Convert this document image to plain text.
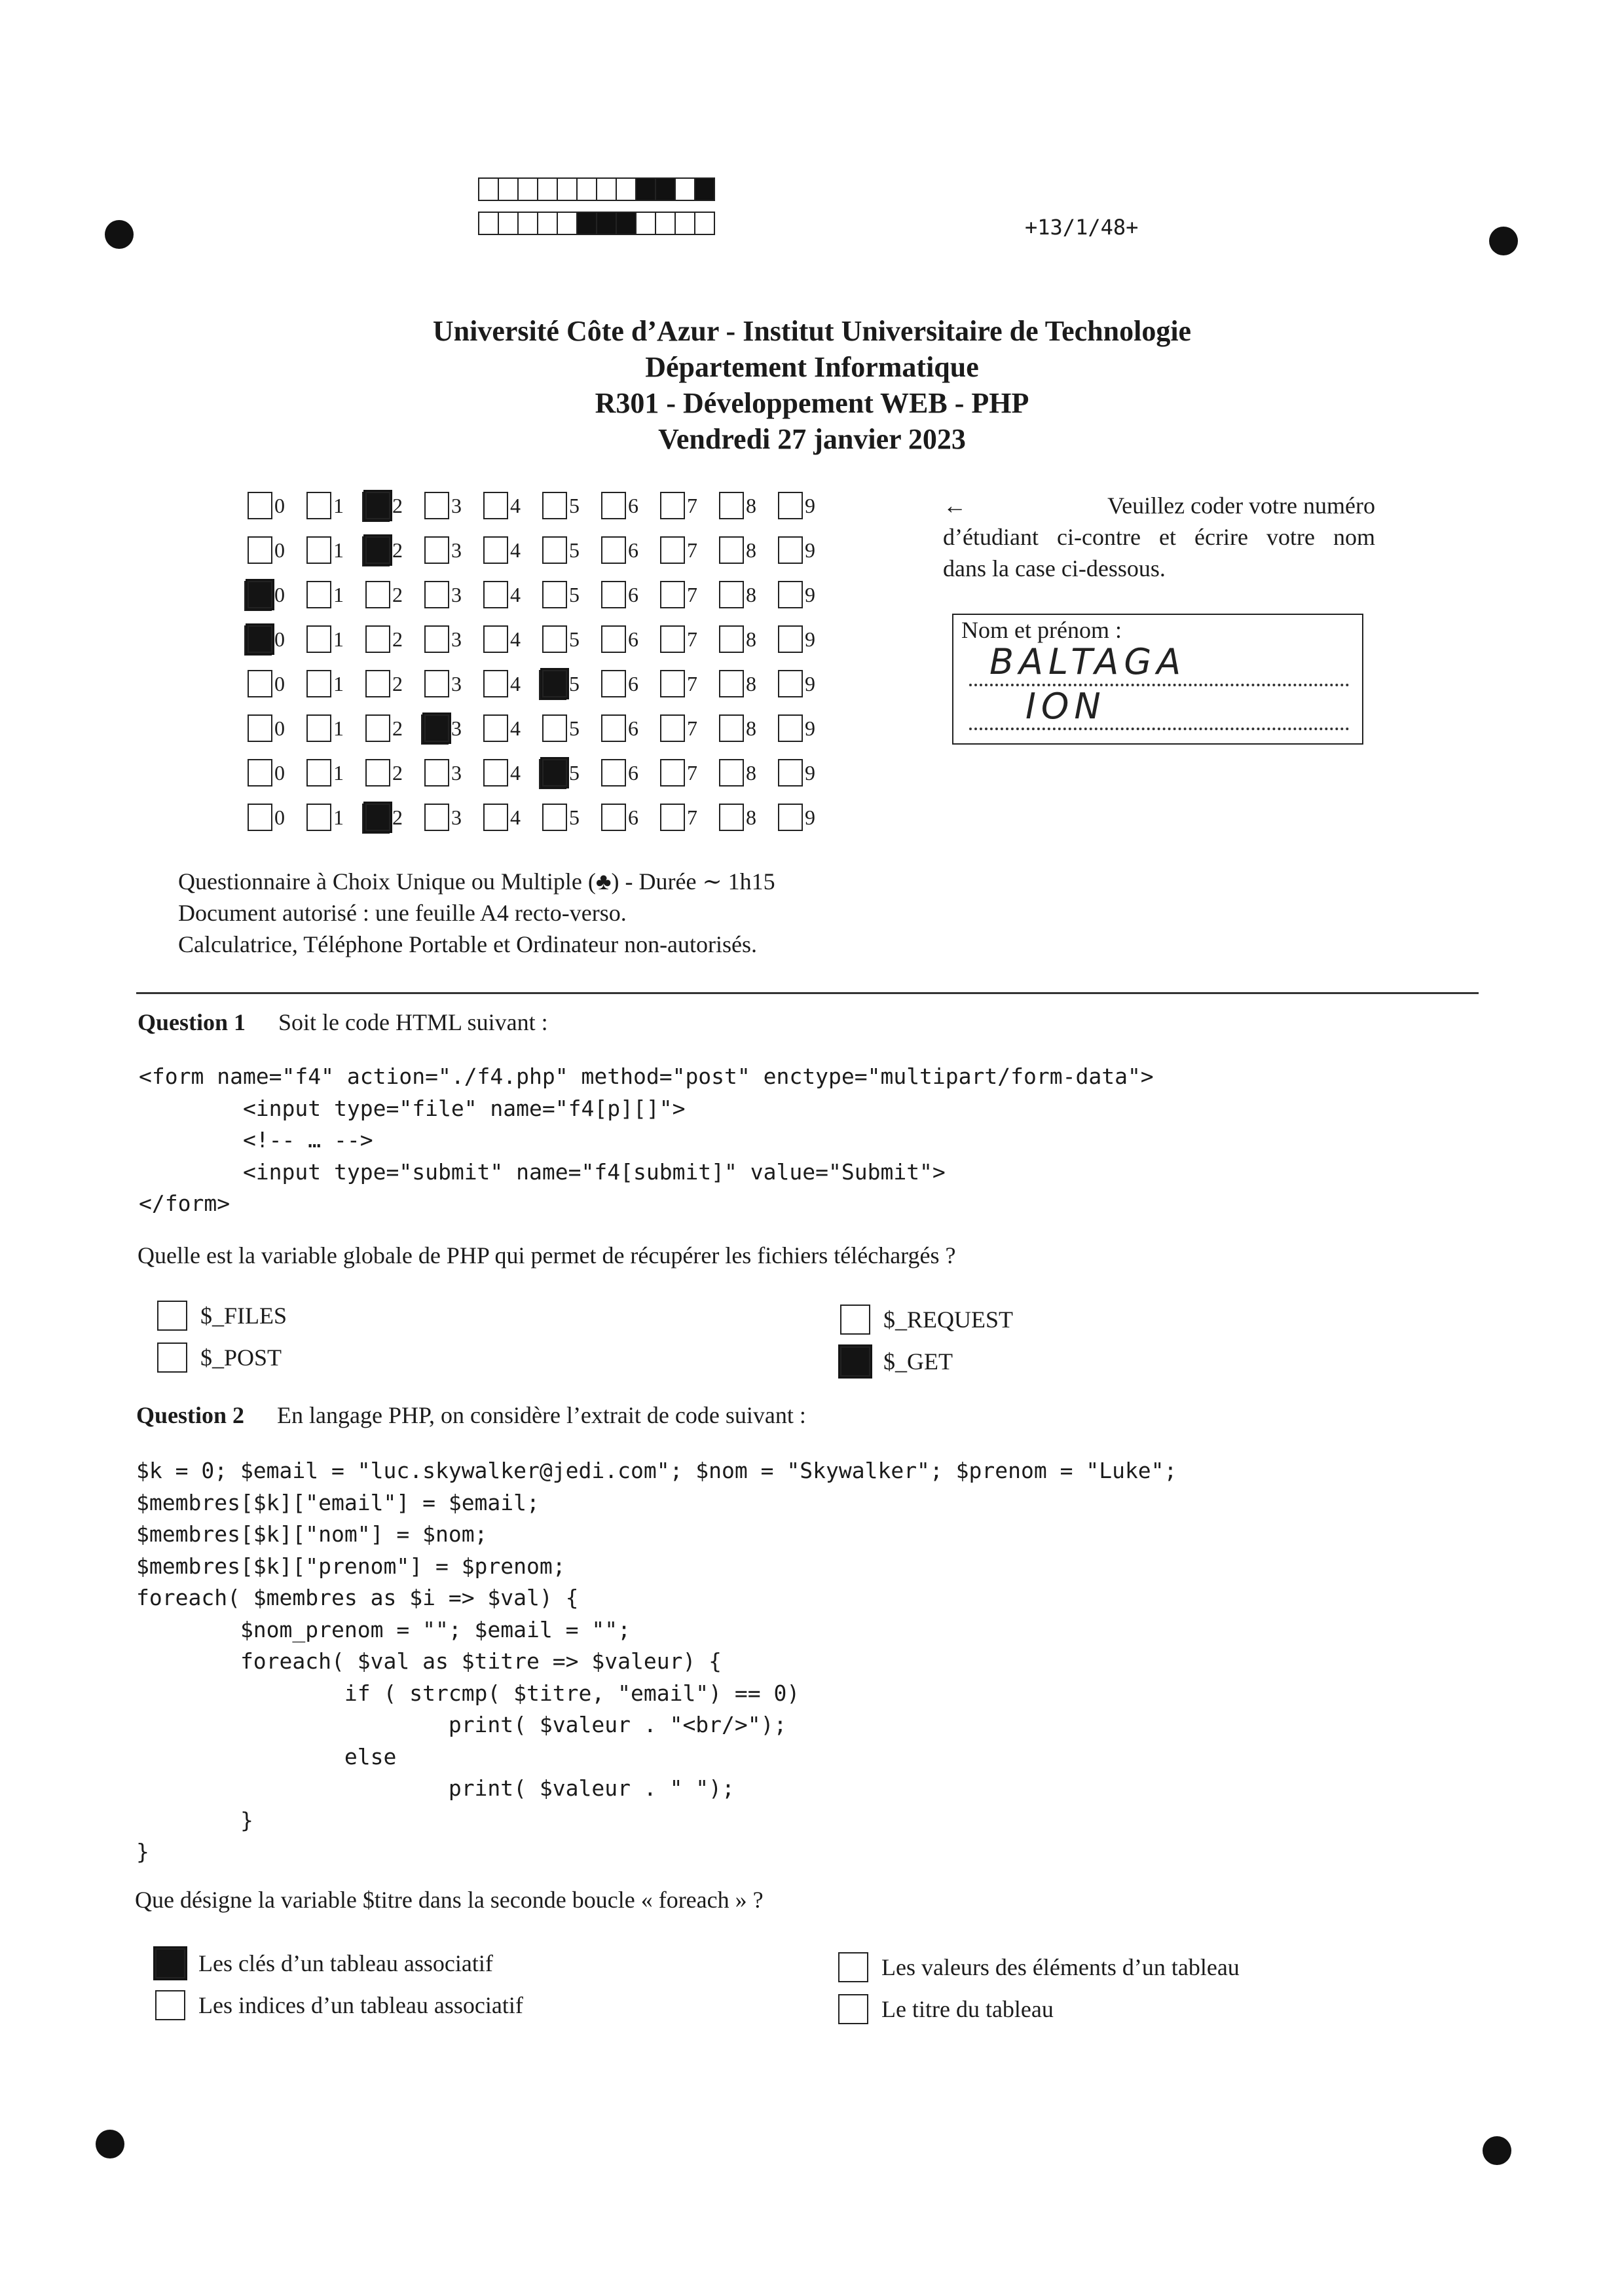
+13/1/48+
Université Côte d’Azur - Institut Universitaire de Technologie
Département Informatique
R301 - Développement WEB - PHP
Vendredi 27 janvier 2023
0 1 2 3 4 5 6 7 8 9
0 1 2 3 4 5 6 7 8 9
0 1 2 3 4 5 6 7 8 9
0 1 2 3 4 5 6 7 8 9
0 1 2 3 4 5 6 7 8 9
0 1 2 3 4 5 6 7 8 9
0 1 2 3 4 5 6 7 8 9
0 1 2 3 4 5 6 7 8 9
←	Veuillez coder votre numéro
d’étudiant ci-contre et écrire votre nom
dans la case ci-dessous.
Nom et prénom :
BALTAGA
ION
Questionnaire à Choix Unique ou Multiple (♣) - Durée ∼ 1h15
Document autorisé : une feuille A4 recto-verso.
Calculatrice, Téléphone Portable et Ordinateur non-autorisés.
Question 1 Soit le code HTML suivant :
<form name="f4" action="./f4.php" method="post" enctype="multipart/form-data">
<input type="file" name="f4[p][]">
<!-- … -->
<input type="submit" name="f4[submit]" value="Submit">
</form>
Quelle est la variable globale de PHP qui permet de récupérer les fichiers téléchargés ?
$_FILES
$_POST
$_REQUEST
$_GET
Question 2 En langage PHP, on considère l’extrait de code suivant :
$k = 0; $email = "luc.skywalker@jedi.com"; $nom = "Skywalker"; $prenom = "Luke";
$membres[$k]["email"] = $email;
$membres[$k]["nom"] = $nom;
$membres[$k]["prenom"] = $prenom;
foreach( $membres as $i => $val) {
$nom_prenom = ""; $email = "";
foreach( $val as $titre => $valeur) {
if ( strcmp( $titre, "email") == 0)
print( $valeur . "<br/>");
else
print( $valeur . " ");
}
}
Que désigne la variable $titre dans la seconde boucle « foreach » ?
Les clés d’un tableau associatif
Les indices d’un tableau associatif
Les valeurs des éléments d’un tableau
Le titre du tableau
